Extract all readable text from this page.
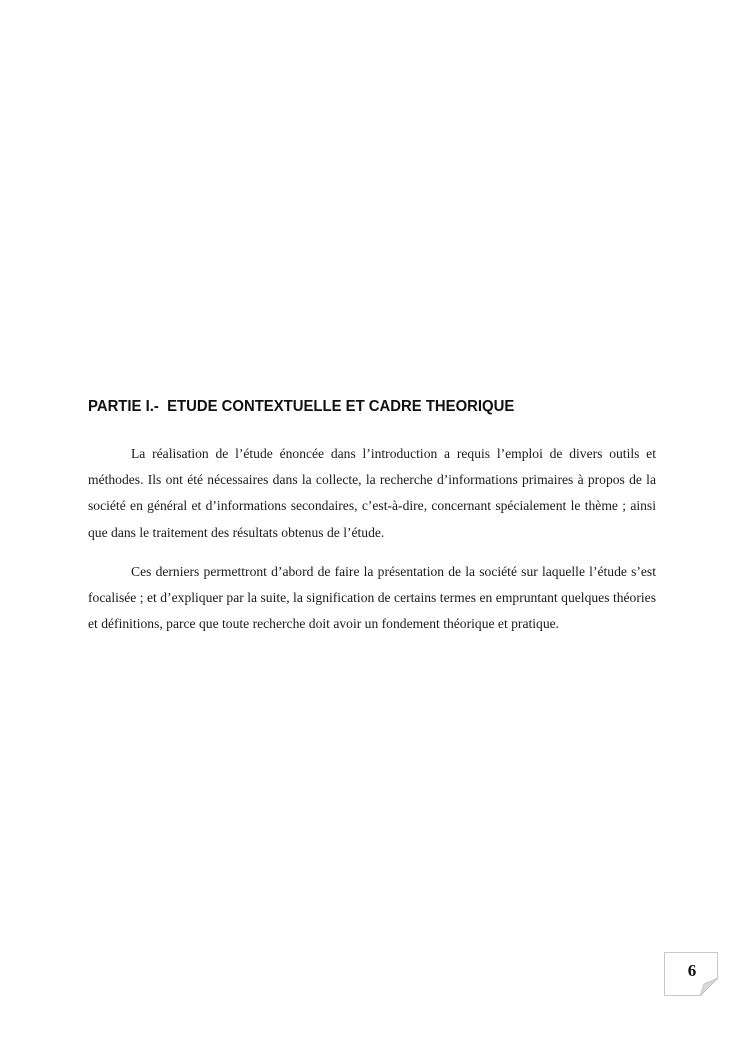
PARTIE I.-  ETUDE CONTEXTUELLE ET CADRE THEORIQUE

La réalisation de l’étude énoncée dans l’introduction a requis l’emploi de divers outils et méthodes. Ils ont été nécessaires dans la collecte, la recherche d’informations primaires à propos de la société en général et d’informations secondaires, c’est-à-dire, concernant spécialement le thème ; ainsi que dans le traitement des résultats obtenus de l’étude.

Ces derniers permettront d’abord de faire la présentation de la société sur laquelle l’étude s’est focalisée ; et d’expliquer par la suite, la signification de certains termes en empruntant quelques théories et définitions, parce que toute recherche doit avoir un fondement théorique et pratique.

6
